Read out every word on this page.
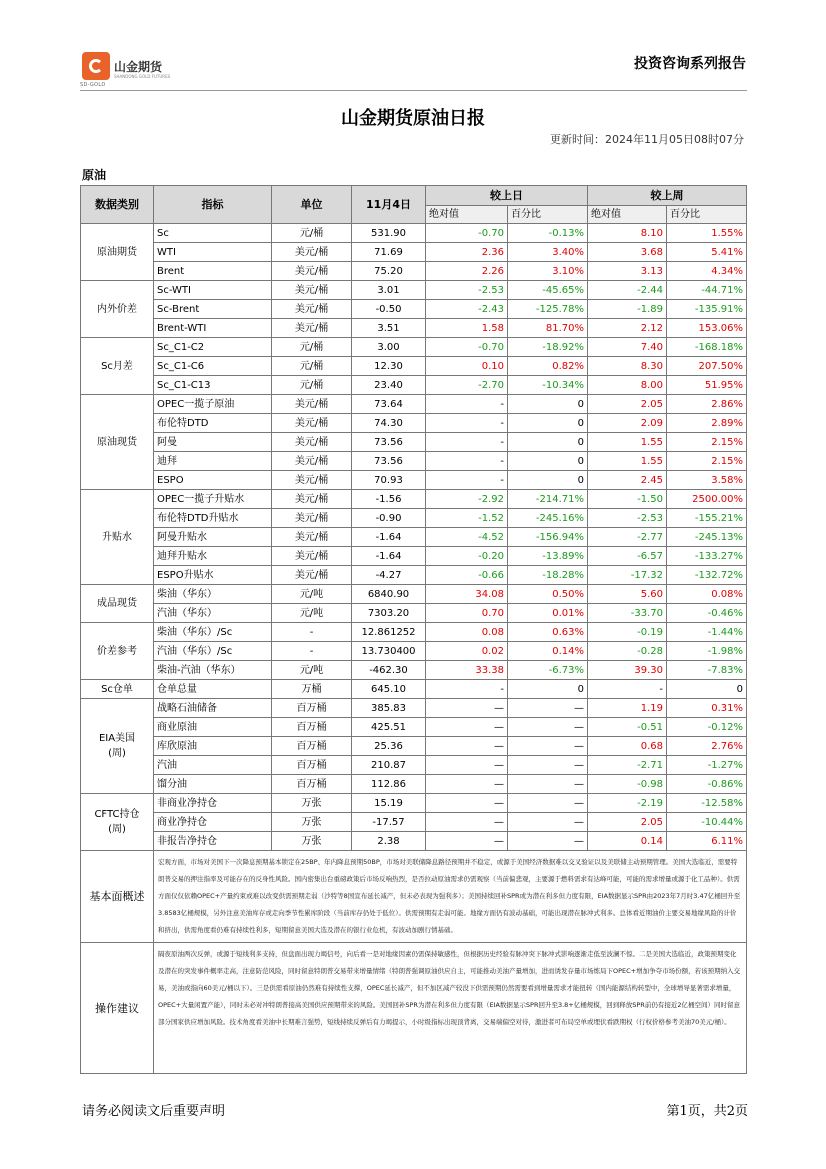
山金期货
SHANDONG GOLD FUTURES
SD-GOLD
投资咨询系列报告
山金期货原油日报
更新时间：2024年11月05日08时07分
原油
数据类别	指标	单位	11月4日	较上日		较上周	
				绝对值	百分比	绝对值	百分比
原油期货	Sc	元/桶	531.90	-0.70	-0.13%	8.10	1.55%
	WTI	美元/桶	71.69	2.36	3.40%	3.68	5.41%
	Brent	美元/桶	75.20	2.26	3.10%	3.13	4.34%
内外价差	Sc-WTI	美元/桶	3.01	-2.53	-45.65%	-2.44	-44.71%
	Sc-Brent	美元/桶	-0.50	-2.43	-125.78%	-1.89	-135.91%
	Brent-WTI	美元/桶	3.51	1.58	81.70%	2.12	153.06%
Sc月差	Sc_C1-C2	元/桶	3.00	-0.70	-18.92%	7.40	-168.18%
	Sc_C1-C6	元/桶	12.30	0.10	0.82%	8.30	207.50%
	Sc_C1-C13	元/桶	23.40	-2.70	-10.34%	8.00	51.95%
原油现货	OPEC一揽子原油	美元/桶	73.64	-	0	2.05	2.86%
	布伦特DTD	美元/桶	74.30	-	0	2.09	2.89%
	阿曼	美元/桶	73.56	-	0	1.55	2.15%
	迪拜	美元/桶	73.56	-	0	1.55	2.15%
	ESPO	美元/桶	70.93	-	0	2.45	3.58%
升贴水	OPEC一揽子升贴水	美元/桶	-1.56	-2.92	-214.71%	-1.50	2500.00%
	布伦特DTD升贴水	美元/桶	-0.90	-1.52	-245.16%	-2.53	-155.21%
	阿曼升贴水	美元/桶	-1.64	-4.52	-156.94%	-2.77	-245.13%
	迪拜升贴水	美元/桶	-1.64	-0.20	-13.89%	-6.57	-133.27%
	ESPO升贴水	美元/桶	-4.27	-0.66	-18.28%	-17.32	-132.72%
成品现货	柴油（华东）	元/吨	6840.90	34.08	0.50%	5.60	0.08%
	汽油（华东）	元/吨	7303.20	0.70	0.01%	-33.70	-0.46%
价差参考	柴油（华东）/Sc	-	12.861252	0.08	0.63%	-0.19	-1.44%
	汽油（华东）/Sc	-	13.730400	0.02	0.14%	-0.28	-1.98%
	柴油-汽油（华东）	元/吨	-462.30	33.38	-6.73%	39.30	-7.83%
Sc仓单	仓单总量	万桶	645.10	-	0	-	0
EIA美国
(周)	战略石油储备	百万桶	385.83	—	—	1.19	0.31%
	商业原油	百万桶	425.51	—	—	-0.51	-0.12%
	库欣原油	百万桶	25.36	—	—	0.68	2.76%
	汽油	百万桶	210.87	—	—	-2.71	-1.27%
	馏分油	百万桶	112.86	—	—	-0.98	-0.86%
CFTC持仓
(周)	非商业净持仓	万张	15.19	—	—	-2.19	-12.58%
	商业净持仓	万张	-17.57	—	—	2.05	-10.44%
	非报告净持仓	万张	2.38	—	—	0.14	6.11%
基本面概述	宏观方面，市场对美国下一次降息预期基本锁定在25BP、年内降息预期50BP，市场对美联储降息路径预期并不稳定，或源于美国经济数据难以交叉验证以及美联储主动预期管理。美国大选临近，需要特朗普交易的押注指率及可能存在的反身性风险。国内密集出台重磅政策后市场反响热烈，是否拉动原油需求仍需观察（当前偏悲观，主要源于燃料需求有达峰可能，可能的需求增量或源于化工品种）。供需方面仅仅依赖OPEC+产量约束或难以改变供需预期走弱（沙特等8国宣布延长减产，但未必表现为强利多）；美国持续回补SPR或为潜在利多但力度有限，EIA数据显示SPR由2023年7月时3.47亿桶回升至3.8583亿桶规模，另外注意美油库存或走向季节性累库阶段（当前库存仍处于低位）。供需预期有走弱可能。地缘方面仍有波动基础，可能出现潜在脉冲式利多。总体看近期油价主要交易地缘风险的计价和挤出，供需角度看仍难有持续性利多，短期留意美国大选及潜在的银行业危机，有波动加剧行情基础。						
操作建议	隔夜原油两次反弹，或源于短线利多支持，但盘面出现力竭信号，向后看一是对地缘因素仍需保持敏感性，但根据历史经验有脉冲突下脉冲式影响逐渐走低至波澜不惊。二是美国大选临近，政策预期变化及潜在的突发事件概率走高，注意防范风险，同时留意特朗普交易带来增量情绪（特朗普强调原油供应自主，可能推动美油产量增加，进而诱发存量市场炼局下OPEC+增加争夺市场份额，若该预期纳入交易，美油或指向60美元/桶以下）。三是供需看原油仍然难有持续性支撑，OPEC延长减产，但不加区减产较没下供需预期仍然需要看到增量需求才能扭转（国内能源结构转型中，全球增导显著需求增量，OPEC+大量闲置产能），同时未必对冲特朗普接高美国供应预期带来的风险。美国回补SPR为潜在利多但力度有限（EIA数据显示SPR回升至3.8+亿桶规模，回到释放SPR前仍有接近2亿桶空间）同时留意部分国家供应增加风险。技术角度看美油中长期难言强势，短线持续反弹后有力竭提示，小时级指标出现顶背离，交易端偏空对待，激进者可布局空单或埋伏看跌期权（行权价格参考美油70美元/桶）。						
请务必阅读文后重要声明	第1页，共2页
